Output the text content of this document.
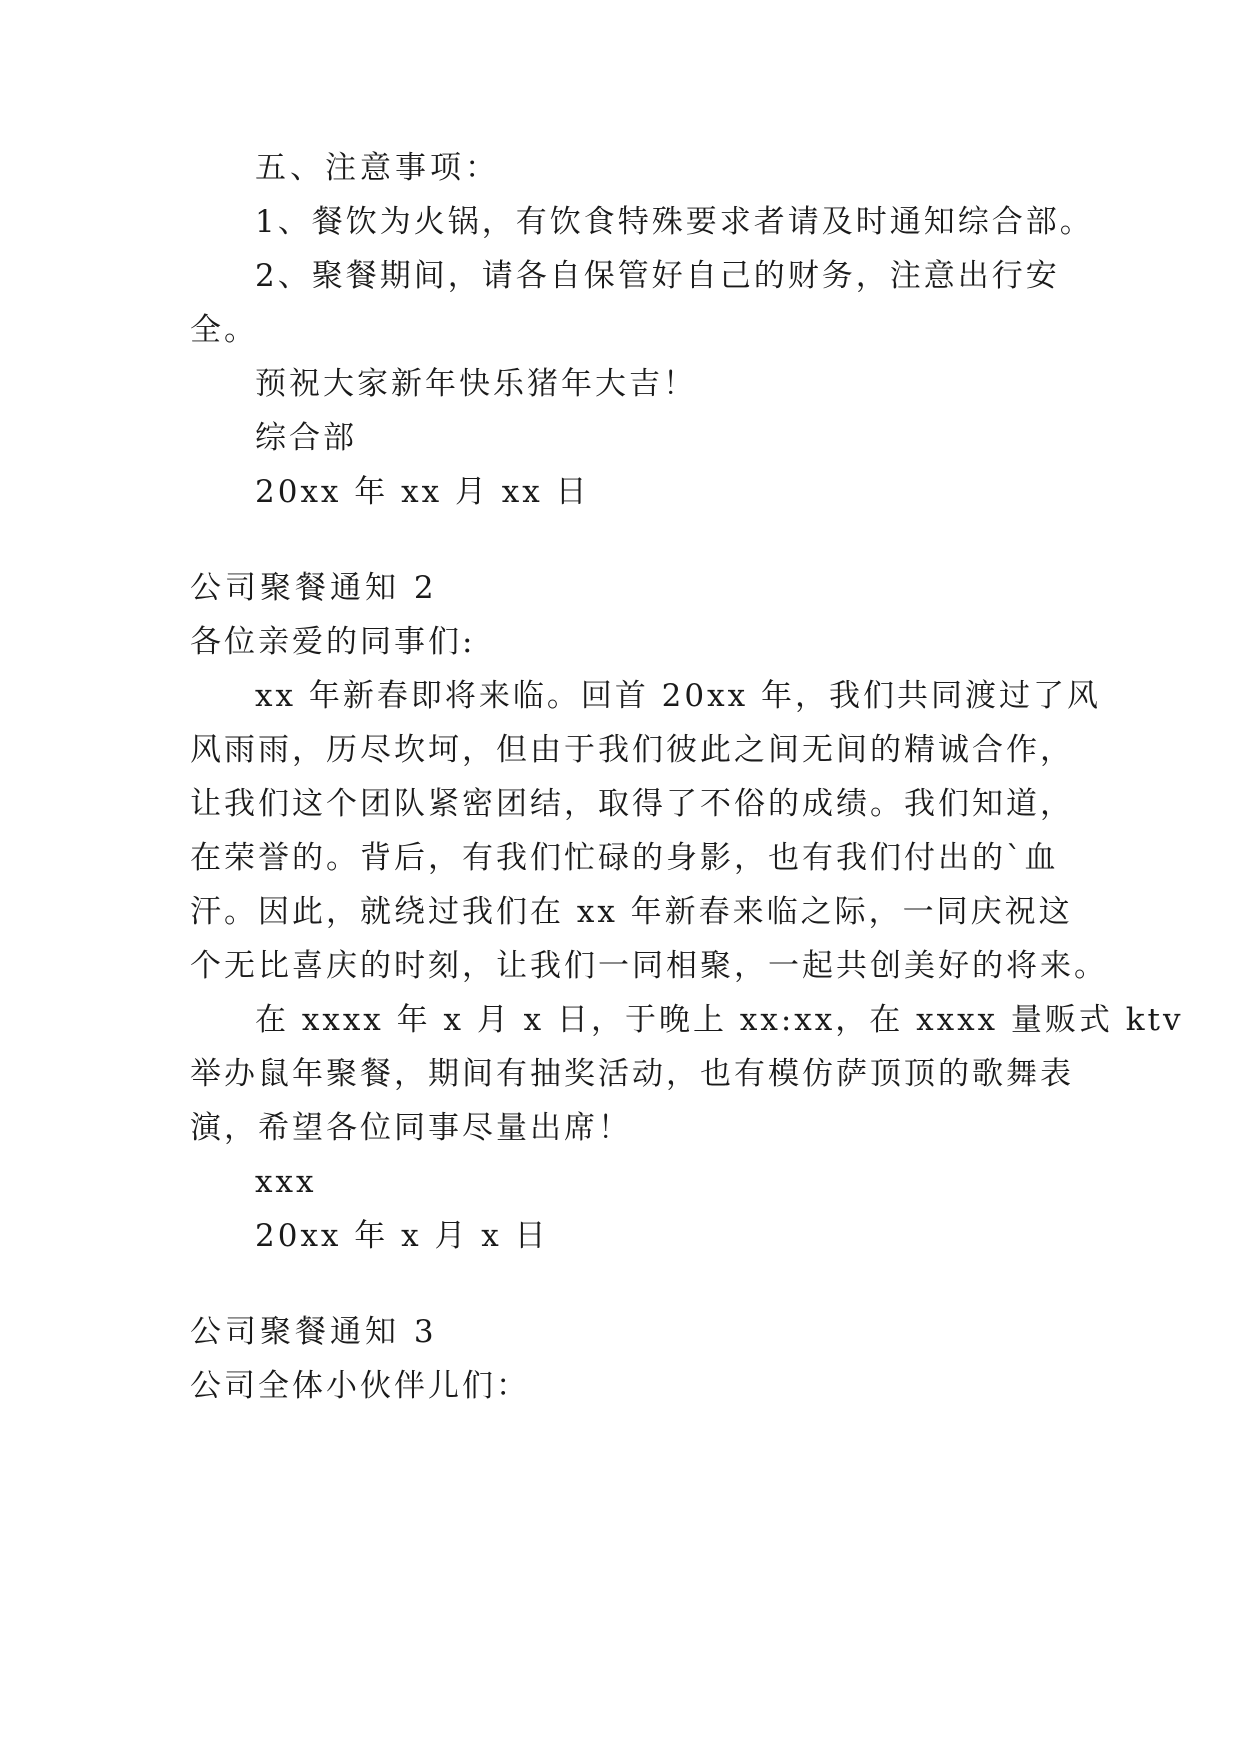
五、注意事项：
1、餐饮为火锅，有饮食特殊要求者请及时通知综合部。
2、聚餐期间，请各自保管好自己的财务，注意出行安
全。
预祝大家新年快乐猪年大吉！
综合部
20xx 年 xx 月 xx 日
公司聚餐通知 2
各位亲爱的同事们:
xx 年新春即将来临。回首 20xx 年，我们共同渡过了风
风雨雨，历尽坎坷，但由于我们彼此之间无间的精诚合作，
让我们这个团队紧密团结，取得了不俗的成绩。我们知道，
在荣誉的。背后，有我们忙碌的身影，也有我们付出的`血
汗。因此，就绕过我们在 xx 年新春来临之际，一同庆祝这
个无比喜庆的时刻，让我们一同相聚，一起共创美好的将来。
在 xxxx 年 x 月 x 日，于晚上 xx:xx，在 xxxx 量贩式 ktv
举办鼠年聚餐，期间有抽奖活动，也有模仿萨顶顶的歌舞表
演，希望各位同事尽量出席！
xxx
20xx 年 x 月 x 日
公司聚餐通知 3
公司全体小伙伴儿们：
